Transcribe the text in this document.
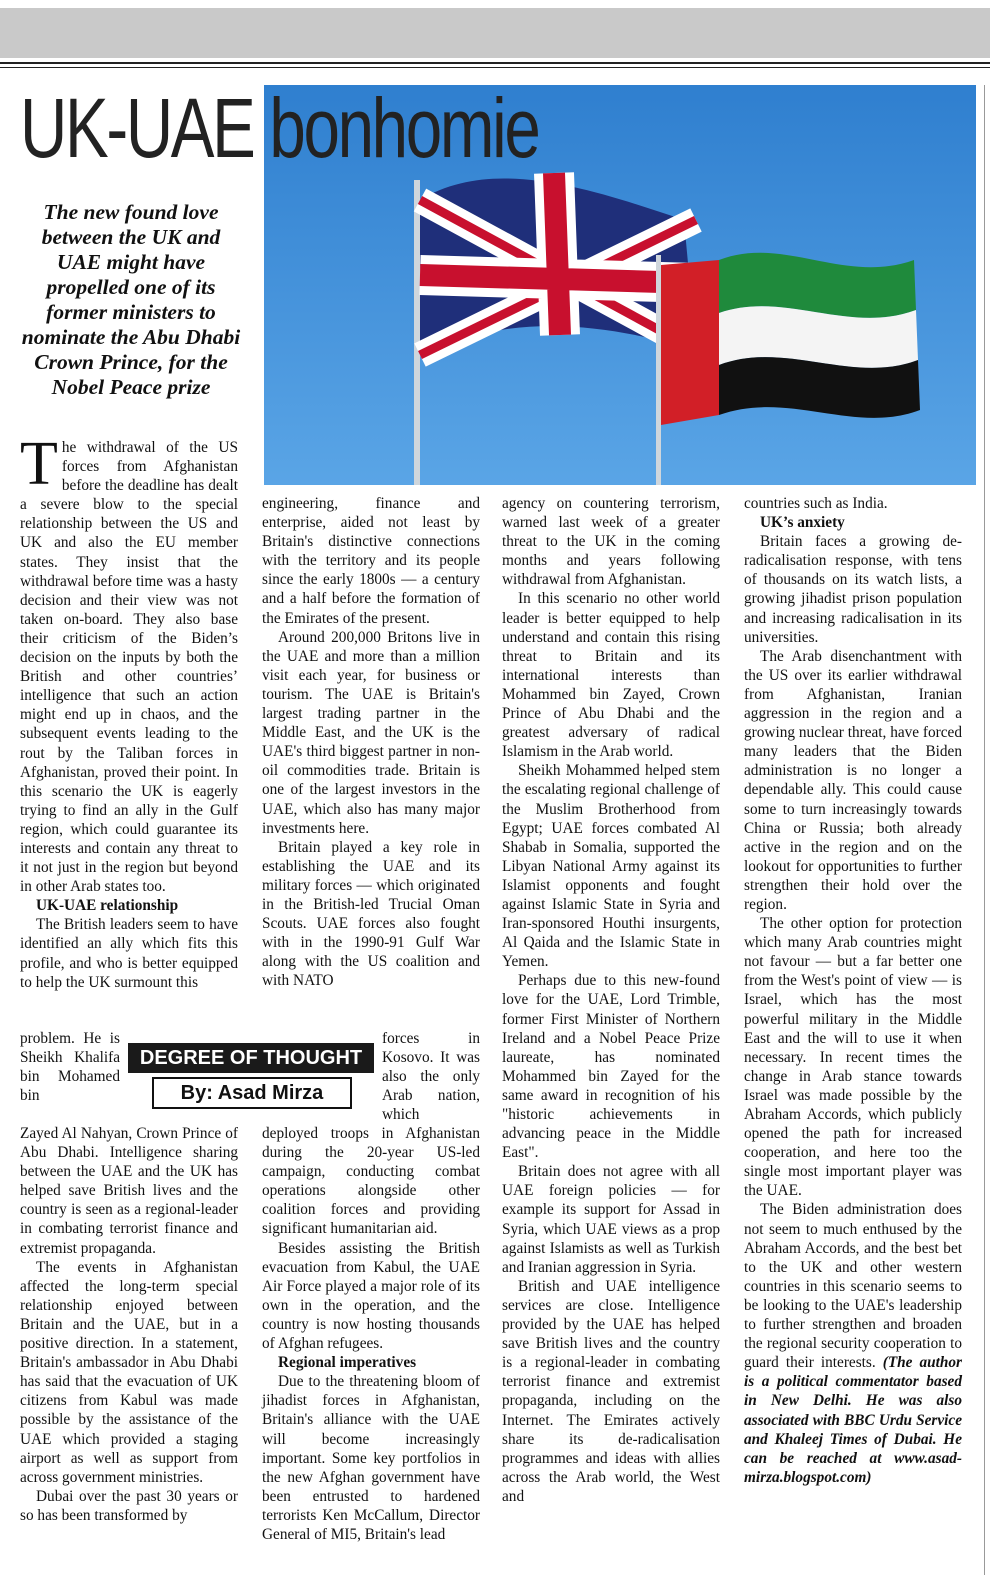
UK-UAE bonhomie

The new found love between the UK and UAE might have propelled one of its former ministers to nominate the Abu Dhabi Crown Prince, for the Nobel Peace prize

The withdrawal of the US forces from Afghanistan before the deadline has dealt a severe blow to the special relationship between the US and UK and also the EU member states. They insist that the withdrawal before time was a hasty decision and their view was not taken on-board. They also base their criticism of the Biden’s decision on the inputs by both the British and other countries’ intelligence that such an action might end up in chaos, and the subsequent events leading to the rout by the Taliban forces in Afghanistan, proved their point. In this scenario the UK is eagerly trying to find an ally in the Gulf region, which could guarantee its interests and contain any threat to it not just in the region but beyond in other Arab states too.

UK-UAE relationship

The British leaders seem to have identified an ally which fits this profile, and who is better equipped to help the UK surmount this

problem. He is Sheikh Khalifa bin Mohamed bin

DEGREE OF THOUGHT
By: Asad Mirza

forces in Kosovo. It was also the only Arab nation, which

Zayed Al Nahyan, Crown Prince of Abu Dhabi. Intelligence sharing between the UAE and the UK has helped save British lives and the country is seen as a regional-leader in combating terrorist finance and extremist propaganda.

The events in Afghanistan affected the long-term special relationship enjoyed between Britain and the UAE, but in a positive direction. In a statement, Britain's ambassador in Abu Dhabi has said that the evacuation of UK citizens from Kabul was made possible by the assistance of the UAE which provided a staging airport as well as support from across government ministries.

Dubai over the past 30 years or so has been transformed by

engineering, finance and enterprise, aided not least by Britain's distinctive connections with the territory and its people since the early 1800s — a century and a half before the formation of the Emirates of the present.

Around 200,000 Britons live in the UAE and more than a million visit each year, for business or tourism. The UAE is Britain's largest trading partner in the Middle East, and the UK is the UAE's third biggest partner in non-oil commodities trade. Britain is one of the largest investors in the UAE, which also has many major investments here.

Britain played a key role in establishing the UAE and its military forces — which originated in the British-led Trucial Oman Scouts. UAE forces also fought with in the 1990-91 Gulf War along with the US coalition and with NATO

deployed troops in Afghanistan during the 20-year US-led campaign, conducting combat operations alongside other coalition forces and providing significant humanitarian aid.

Besides assisting the British evacuation from Kabul, the UAE Air Force played a major role of its own in the operation, and the country is now hosting thousands of Afghan refugees.

Regional imperatives

Due to the threatening bloom of jihadist forces in Afghanistan, Britain's alliance with the UAE will become increasingly important. Some key portfolios in the new Afghan government have been entrusted to hardened terrorists Ken McCallum, Director General of MI5, Britain's lead

agency on countering terrorism, warned last week of a greater threat to the UK in the coming months and years following withdrawal from Afghanistan.

In this scenario no other world leader is better equipped to help understand and contain this rising threat to Britain and its international interests than Mohammed bin Zayed, Crown Prince of Abu Dhabi and the greatest adversary of radical Islamism in the Arab world.

Sheikh Mohammed helped stem the escalating regional challenge of the Muslim Brotherhood from Egypt; UAE forces combated Al Shabab in Somalia, supported the Libyan National Army against its Islamist opponents and fought against Islamic State in Syria and Iran-sponsored Houthi insurgents, Al Qaida and the Islamic State in Yemen.

Perhaps due to this new-found love for the UAE, Lord Trimble, former First Minister of Northern Ireland and a Nobel Peace Prize laureate, has nominated Mohammed bin Zayed for the same award in recognition of his "historic achievements in advancing peace in the Middle East".

Britain does not agree with all UAE foreign policies — for example its support for Assad in Syria, which UAE views as a prop against Islamists as well as Turkish and Iranian aggression in Syria.

British and UAE intelligence services are close. Intelligence provided by the UAE has helped save British lives and the country is a regional-leader in combating terrorist finance and extremist propaganda, including on the Internet. The Emirates actively share its de-radicalisation programmes and ideas with allies across the Arab world, the West and

countries such as India.

UK’s anxiety

Britain faces a growing de-radicalisation response, with tens of thousands on its watch lists, a growing jihadist prison population and increasing radicalisation in its universities.

The Arab disenchantment with the US over its earlier withdrawal from Afghanistan, Iranian aggression in the region and a growing nuclear threat, have forced many leaders that the Biden administration is no longer a dependable ally. This could cause some to turn increasingly towards China or Russia; both already active in the region and on the lookout for opportunities to further strengthen their hold over the region.

The other option for protection which many Arab countries might not favour — but a far better one from the West's point of view — is Israel, which has the most powerful military in the Middle East and the will to use it when necessary. In recent times the change in Arab stance towards Israel was made possible by the Abraham Accords, which publicly opened the path for increased cooperation, and here too the single most important player was the UAE.

The Biden administration does not seem to much enthused by the Abraham Accords, and the best bet to the UK and other western countries in this scenario seems to be looking to the UAE's leadership to further strengthen and broaden the regional security cooperation to guard their interests. (The author is a political commentator based in New Delhi. He was also associated with BBC Urdu Service and Khaleej Times of Dubai. He can be reached at www.asad-mirza.blogspot.com)
